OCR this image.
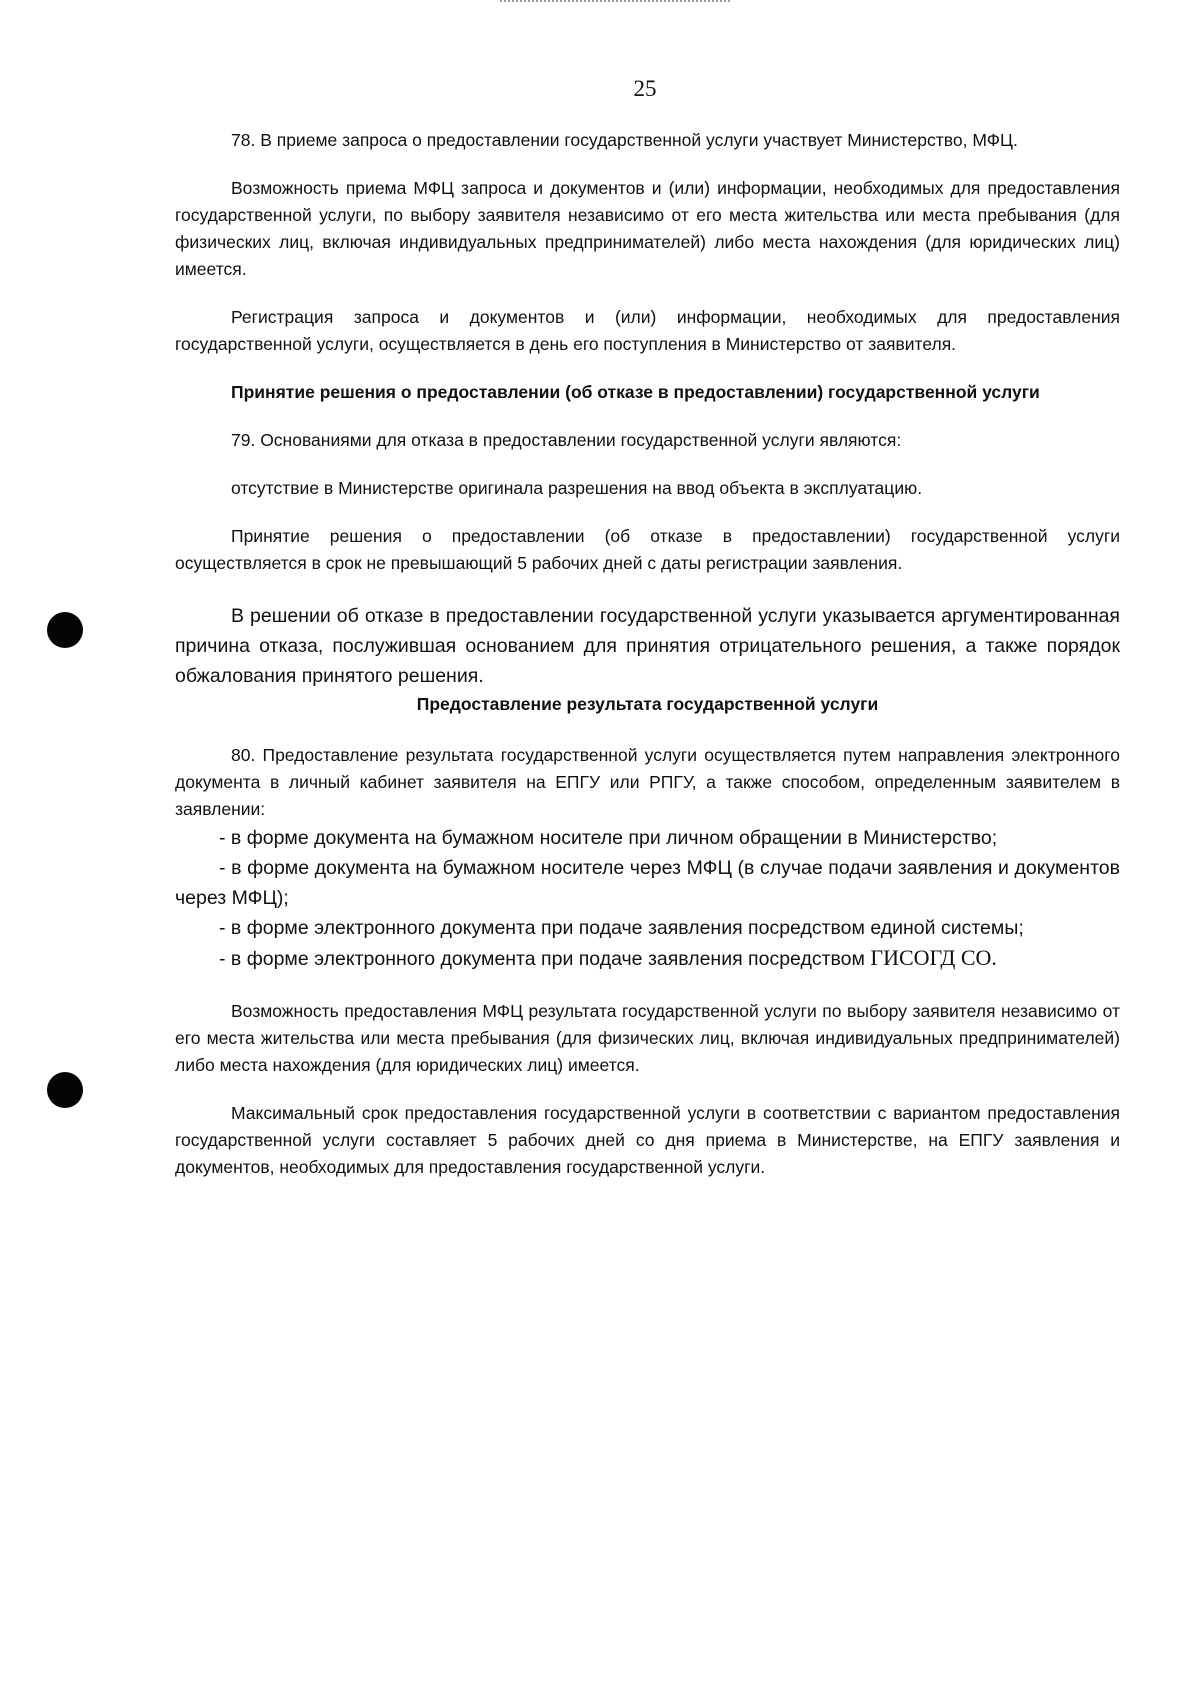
25

78. В приеме запроса о предоставлении государственной услуги участвует Министерство, МФЦ.

Возможность приема МФЦ запроса и документов и (или) информации, необходимых для предоставления государственной услуги, по выбору заявителя независимо от его места жительства или места пребывания (для физических лиц, включая индивидуальных предпринимателей) либо места нахождения (для юридических лиц) имеется.

Регистрация запроса и документов и (или) информации, необходимых для предоставления государственной услуги, осуществляется в день его поступления в Министерство от заявителя.

Принятие решения о предоставлении (об отказе в предоставлении) государственной услуги

79. Основаниями для отказа в предоставлении государственной услуги являются:

отсутствие в Министерстве оригинала разрешения на ввод объекта в эксплуатацию.

Принятие решения о предоставлении (об отказе в предоставлении) государственной услуги осуществляется в срок не превышающий 5 рабочих дней с даты регистрации заявления.

В решении об отказе в предоставлении государственной услуги указывается аргументированная причина отказа, послужившая основанием для принятия отрицательного решения, а также порядок обжалования принятого решения.

Предоставление результата государственной услуги

80. Предоставление результата государственной услуги осуществляется путем направления электронного документа в личный кабинет заявителя на ЕПГУ или РПГУ, а также способом, определенным заявителем в заявлении:

- в форме документа на бумажном носителе при личном обращении в Министерство;

- в форме документа на бумажном носителе через МФЦ (в случае подачи заявления и документов через МФЦ);

- в форме электронного документа при подаче заявления посредством единой системы;

- в форме электронного документа при подаче заявления посредством ГИСОГД СО.

Возможность предоставления МФЦ результата государственной услуги по выбору заявителя независимо от его места жительства или места пребывания (для физических лиц, включая индивидуальных предпринимателей) либо места нахождения (для юридических лиц) имеется.

Максимальный срок предоставления государственной услуги в соответствии с вариантом предоставления государственной услуги составляет 5 рабочих дней со дня приема в Министерстве, на ЕПГУ заявления и документов, необходимых для предоставления государственной услуги.
